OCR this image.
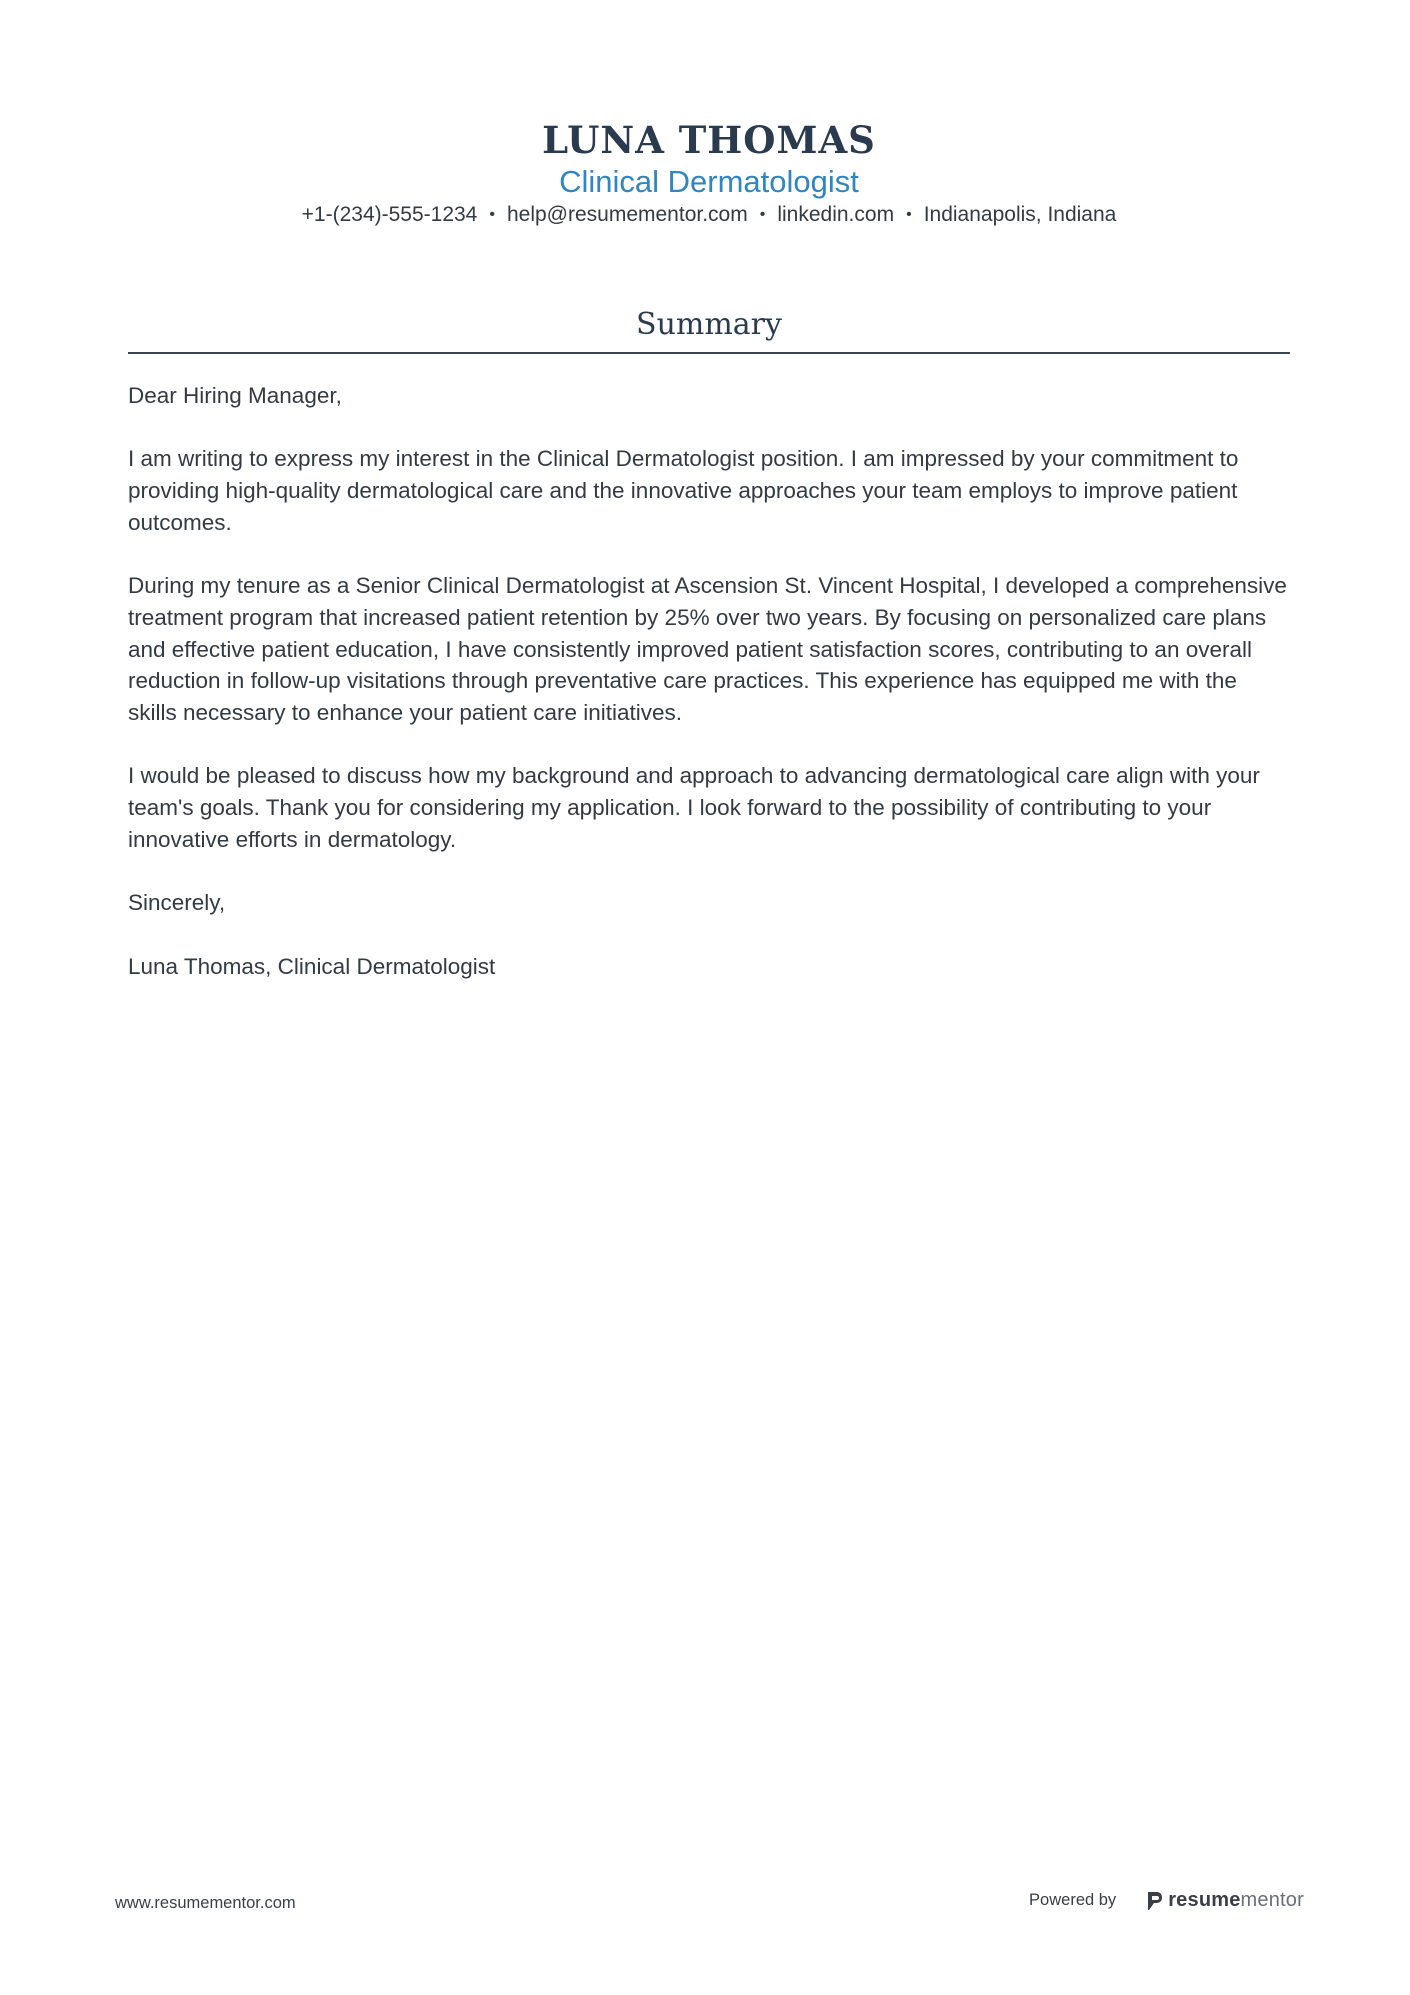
LUNA THOMAS
Clinical Dermatologist
+1-(234)-555-1234 • help@resumementor.com • linkedin.com • Indianapolis, Indiana
Summary

Dear Hiring Manager,

I am writing to express my interest in the Clinical Dermatologist position. I am impressed by your commitment to providing high-quality dermatological care and the innovative approaches your team employs to improve patient outcomes.

During my tenure as a Senior Clinical Dermatologist at Ascension St. Vincent Hospital, I developed a comprehensive treatment program that increased patient retention by 25% over two years. By focusing on personalized care plans and effective patient education, I have consistently improved patient satisfaction scores, contributing to an overall reduction in follow-up visitations through preventative care practices. This experience has equipped me with the skills necessary to enhance your patient care initiatives.

I would be pleased to discuss how my background and approach to advancing dermatological care align with your team's goals. Thank you for considering my application. I look forward to the possibility of contributing to your innovative efforts in dermatology.

Sincerely,

Luna Thomas, Clinical Dermatologist

www.resumementor.com	Powered by	resumementor
